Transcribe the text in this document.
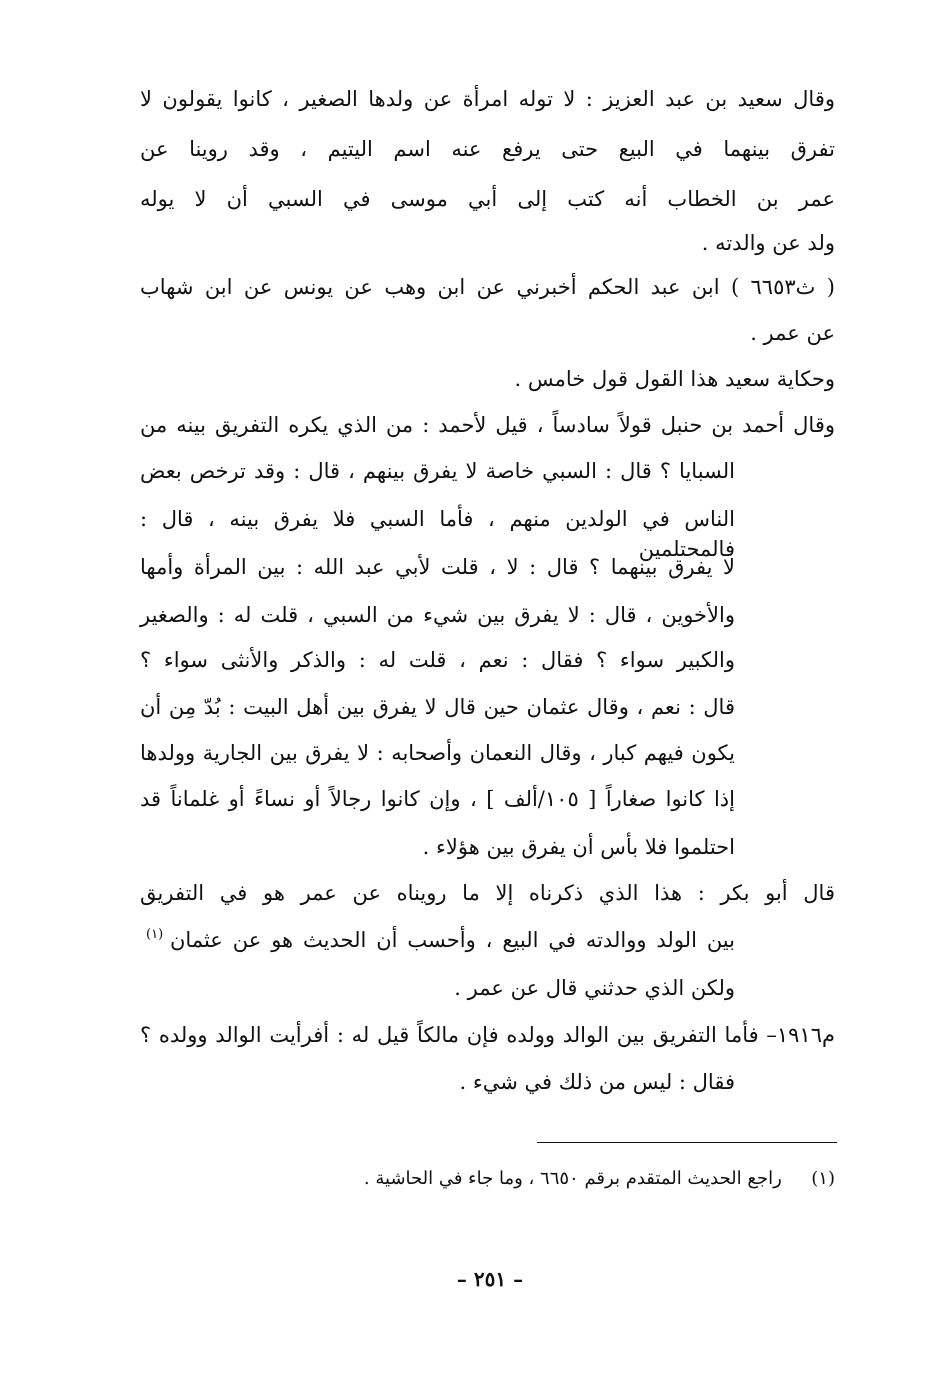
وقال سعيد بن عبد العزيز : لا توله امرأة عن ولدها الصغير ، كانوا يقولون لا
تفرق بينهما في البيع حتى يرفع عنه اسم اليتيم ، وقد روينا عن
عمر بن الخطاب أنه كتب إلى أبي موسى في السبي أن لا يوله
ولد عن والدته .
( ث٦٦٥٣ ) ابن عبد الحكم أخبرني عن ابن وهب عن يونس عن ابن شهاب
عن عمر .
وحكاية سعيد هذا القول قول خامس .
وقال أحمد بن حنبل قولاً سادساً ، قيل لأحمد : من الذي يكره التفريق بينه من
السبايا ؟ قال : السبي خاصة لا يفرق بينهم ، قال : وقد ترخص بعض
الناس في الولدين منهم ، فأما السبي فلا يفرق بينه ، قال : فالمحتلمين
لا يفرق بينهما ؟ قال : لا ، قلت لأبي عبد الله : بين المرأة وأمها
والأخوين ، قال : لا يفرق بين شيء من السبي ، قلت له : والصغير
والكبير سواء ؟ فقال : نعم ، قلت له : والذكر والأنثى سواء ؟
قال : نعم ، وقال عثمان حين قال لا يفرق بين أهل البيت : بُدّ مِن أن
يكون فيهم كبار ، وقال النعمان وأصحابه : لا يفرق بين الجارية وولدها
إذا كانوا صغاراً [ ١٠٥/ألف ] ، وإن كانوا رجالاً أو نساءً أو غلماناً قد
احتلموا فلا بأس أن يفرق بين هؤلاء .
قال أبو بكر : هذا الذي ذكرناه إلا ما رويناه عن عمر هو في التفريق
بين الولد ووالدته في البيع ، وأحسب أن الحديث هو عن عثمان
(١)
ولكن الذي حدثني قال عن عمر .
م١٩١٦– فأما التفريق بين الوالد وولده فإن مالكاً قيل له : أفرأيت الوالد وولده ؟
فقال : ليس من ذلك في شيء .
(١)  راجع الحديث المتقدم برقم ٦٦٥٠ ، وما جاء في الحاشية .
– ٢٥١ –
